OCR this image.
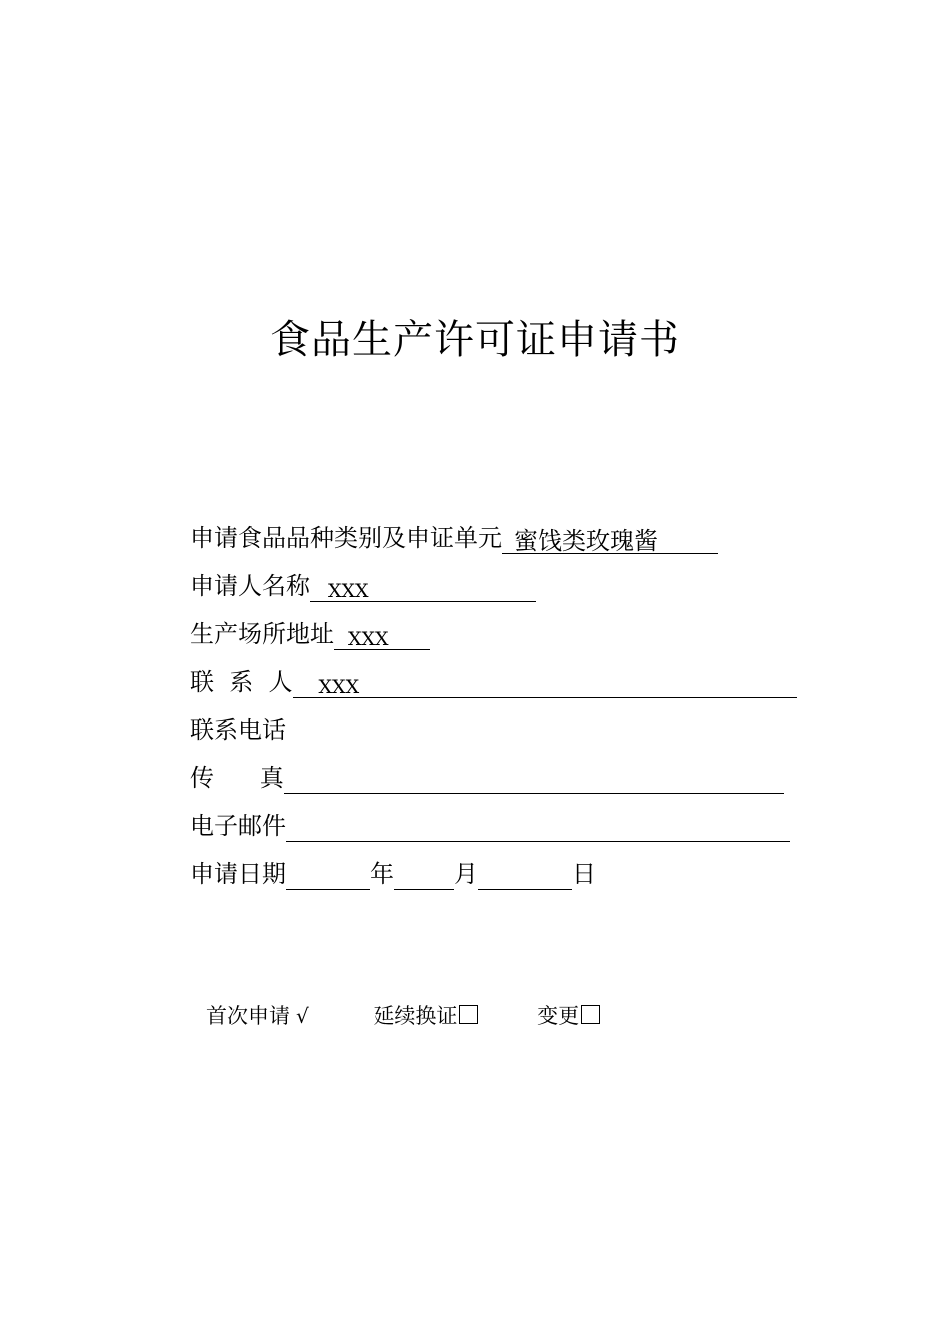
食品生产许可证申请书
申请食品品种类别及申证单元 蜜饯类玫瑰酱
申请人名称 XXX
生产场所地址 XXX
联  系  人 XXX
联系电话
传      真
电子邮件
申请日期	年	月	日
首次申请 √	延续换证	变更
